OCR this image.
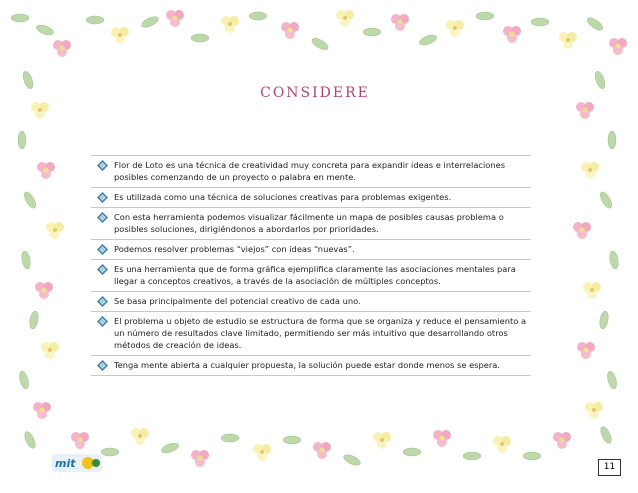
CONSIDERE
Flor de Loto es una técnica de creatividad muy concreta para expandir ideas e interrelaciones posibles comenzando de un proyecto o palabra en mente.
Es utilizada como una técnica de soluciones creativas para problemas exigentes.
Con esta herramienta podemos visualizar fácilmente un mapa de posibles causas problema o posibles soluciones, dirigiéndonos a abordarlos por prioridades.
Podemos resolver problemas “viejos” con ideas “nuevas”.
Es una herramienta que de forma gráfica ejemplifica claramente las asociaciones mentales para llegar a conceptos creativos, a través de la asociación de múltiples conceptos.
Se basa principalmente del potencial creativo de cada uno.
El problema u objeto de estudio se estructura de forma que se organiza y reduce el pensamiento a un número de resultados clave limitado, permitiendo ser más intuitivo que desarrollando otros métodos de creación de ideas.
Tenga mente abierta a cualquier propuesta, la solución puede estar donde menos se espera.
mit	11
